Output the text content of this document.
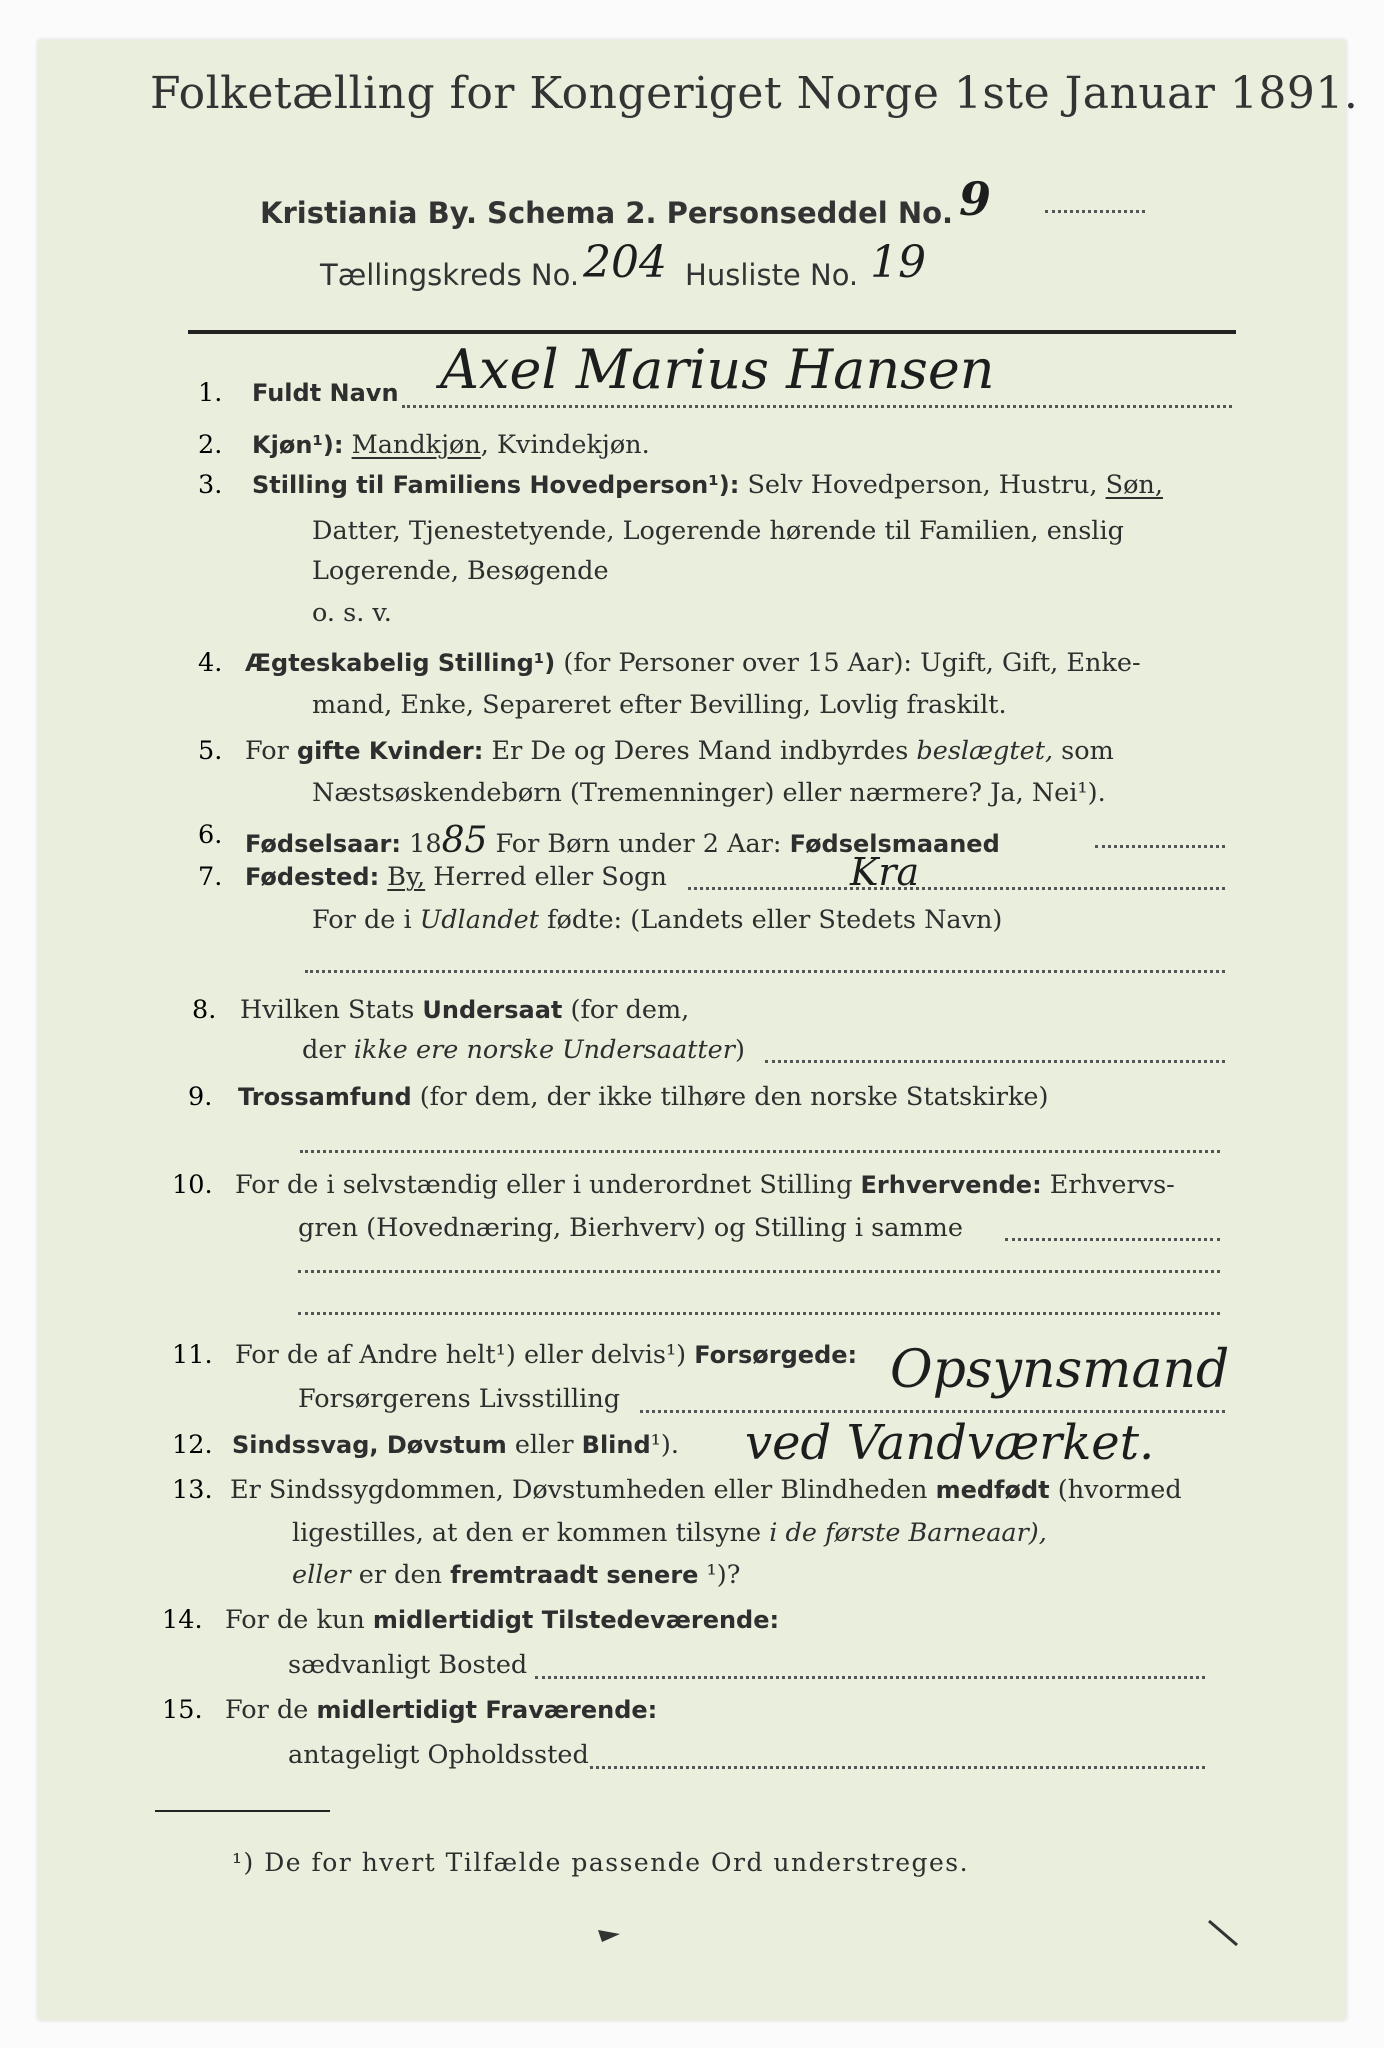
Folketælling for Kongeriget Norge 1ste Januar 1891.
Kristiania By. Schema 2. Personseddel No. 9
Tællingskreds No.204 Husliste No. 19
1. Fuldt Navn Axel Marius Hansen
2. Kjøn¹): Mandkjøn, Kvindekjøn.
3. Stilling til Familiens Hovedperson¹): Selv Hovedperson, Hustru, Søn,
Datter, Tjenestetyende, Logerende hørende til Familien, enslig
Logerende, Besøgende
o. s. v.
4. Ægteskabelig Stilling¹) (for Personer over 15 Aar): Ugift, Gift, Enke-
mand, Enke, Separeret efter Bevilling, Lovlig fraskilt.
5. For gifte Kvinder: Er De og Deres Mand indbyrdes beslægtet, som
Næstsøskendebørn (Tremenninger) eller nærmere? Ja, Nei¹).
6. Fødselsaar: 1885 For Børn under 2 Aar: Fødselsmaaned
7. Fødested: By, Herred eller Sogn	Kra
For de i Udlandet fødte: (Landets eller Stedets Navn)
8. Hvilken Stats Undersaat (for dem,
der ikke ere norske Undersaatter)
9. Trossamfund (for dem, der ikke tilhøre den norske Statskirke)
10. For de i selvstændig eller i underordnet Stilling Erhvervende: Erhvervs-
gren (Hovednæring, Bierhverv) og Stilling i samme
11. For de af Andre helt¹) eller delvis¹) Forsørgede:
Forsørgerens Livsstilling	Opsynsmand
12. Sindssvag, Døvstum eller Blind¹). ved Vandværket.
13. Er Sindssygdommen, Døvstumheden eller Blindheden medfødt (hvormed
ligestilles, at den er kommen tilsyne i de første Barneaar),
eller er den fremtraadt senere ¹)?
14. For de kun midlertidigt Tilstedeværende:
sædvanligt Bosted
15. For de midlertidigt Fraværende:
antageligt Opholdssted
¹) De for hvert Tilfælde passende Ord understreges.
